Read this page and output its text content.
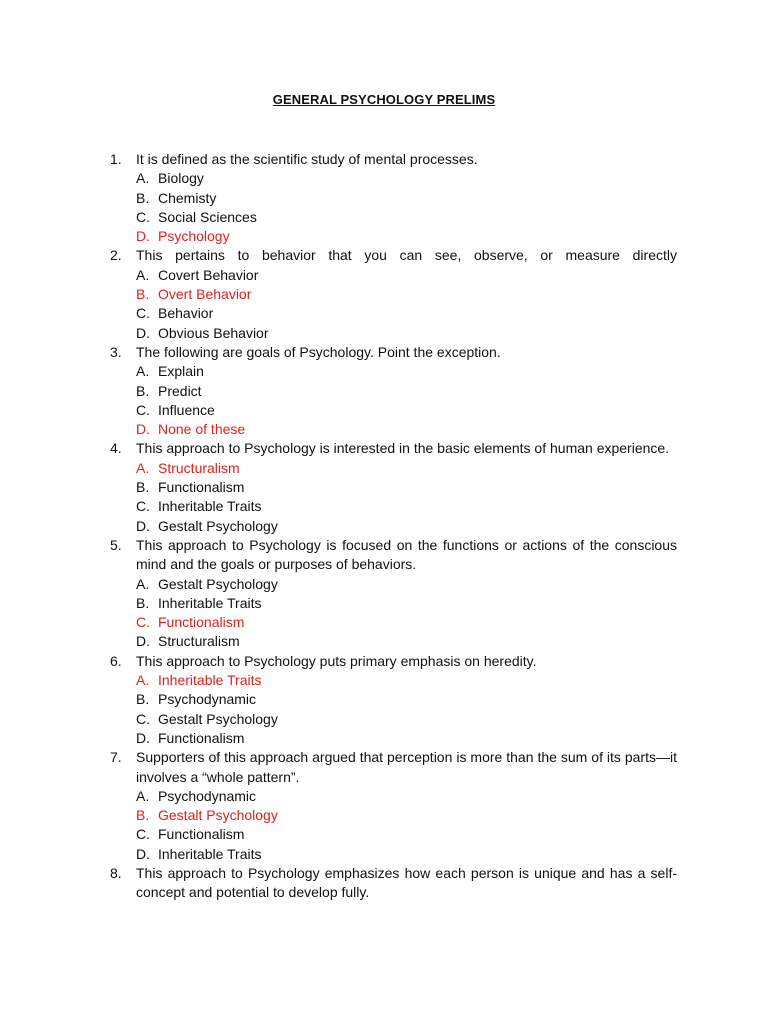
GENERAL PSYCHOLOGY PRELIMS
1. It is defined as the scientific study of mental processes.
A. Biology
B. Chemisty
C. Social Sciences
D. Psychology
2. This pertains to behavior that you can see, observe, or measure directly
A. Covert Behavior
B. Overt Behavior
C. Behavior
D. Obvious Behavior
3. The following are goals of Psychology. Point the exception.
A. Explain
B. Predict
C. Influence
D. None of these
4. This approach to Psychology is interested in the basic elements of human experience.
A. Structuralism
B. Functionalism
C. Inheritable Traits
D. Gestalt Psychology
5. This approach to Psychology is focused on the functions or actions of the conscious mind and the goals or purposes of behaviors.
A. Gestalt Psychology
B. Inheritable Traits
C. Functionalism
D. Structuralism
6. This approach to Psychology puts primary emphasis on heredity.
A. Inheritable Traits
B. Psychodynamic
C. Gestalt Psychology
D. Functionalism
7. Supporters of this approach argued that perception is more than the sum of its parts—it involves a “whole pattern”.
A. Psychodynamic
B. Gestalt Psychology
C. Functionalism
D. Inheritable Traits
8. This approach to Psychology emphasizes how each person is unique and has a self-concept and potential to develop fully.
